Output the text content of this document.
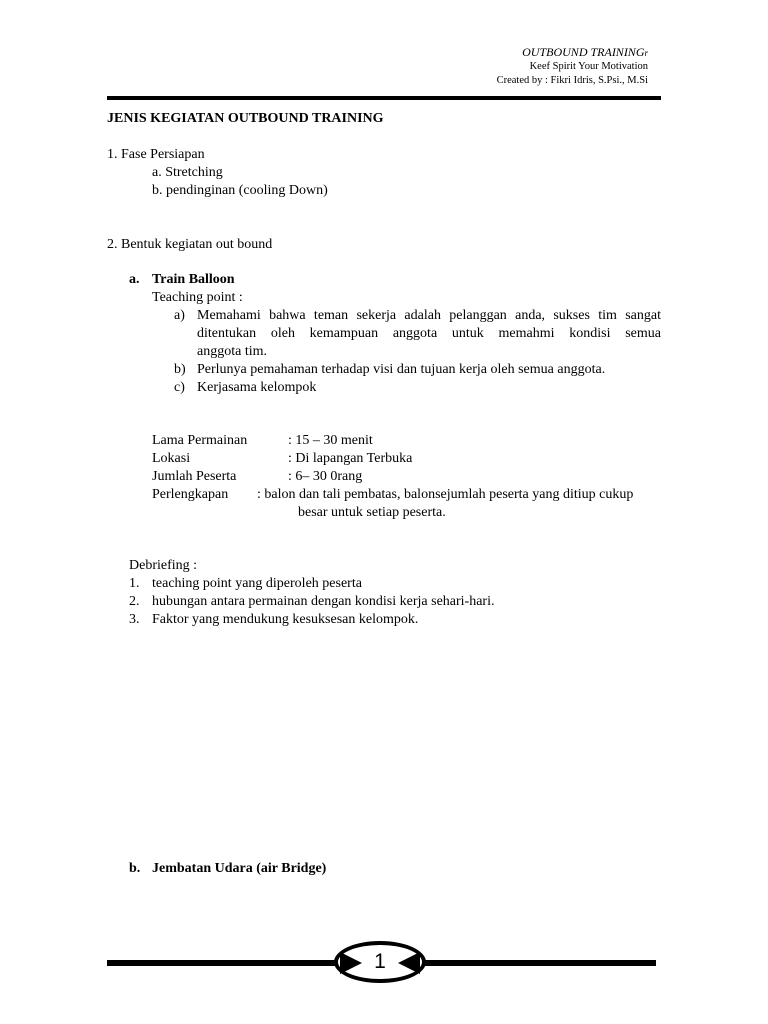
OUTBOUND TRAININGr
Keef Spirit Your Motivation
Created by : Fikri Idris, S.Psi., M.Si
JENIS KEGIATAN OUTBOUND TRAINING
1. Fase Persiapan
a. Stretching
b. pendinginan (cooling Down)
2. Bentuk kegiatan out bound
a. Train Balloon
Teaching point :
a) Memahami bahwa teman sekerja adalah pelanggan anda, sukses tim sangat
ditentukan oleh kemampuan anggota untuk memahmi kondisi semua
anggota tim.
b) Perlunya pemahaman terhadap visi dan tujuan kerja oleh semua anggota.
c) Kerjasama kelompok
Lama Permainan	: 15 – 30 menit
Lokasi	: Di lapangan Terbuka
Jumlah Peserta	: 6– 30 0rang
Perlengkapan : balon dan tali pembatas, balonsejumlah peserta yang ditiup cukup
besar untuk setiap peserta.
Debriefing :
1. teaching point yang diperoleh peserta
2. hubungan antara permainan dengan kondisi kerja sehari-hari.
3. Faktor yang mendukung kesuksesan kelompok.
b. Jembatan Udara (air Bridge)
1
